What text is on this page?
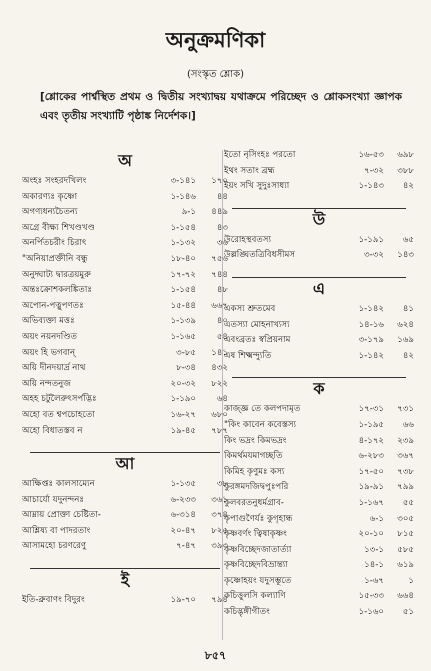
অনুক্রমণিকা
(সংস্কৃত শ্লোক)
[শ্লোকের পার্শ্বস্থিত প্রথম ও দ্বিতীয় সংখ্যাদ্বয় যথাক্রমে পরিচ্ছেদ ও শ্লোকসংখ্যা জ্ঞাপক এবং তৃতীয় সংখ্যাটি পৃষ্ঠাঙ্ক নির্দেশক।]
অ
অংহঃ সংহরদখিলং	৩-১৪১	১৭০
অকারণ্যঃ কৃষ্ণো	১-১৪৬	৪৪
অগণ্যধন্যচৈতন্য	৯-১	৪৪৯
অগ্রে বীক্ষ্য শিখণ্ডখণ্ড	১-১৫৪	৪৩
অনর্পিতচরীং চিরাৎ	১-১৩২	৩৬
"অনিয়াপ্রক্তীনি বন্ধু	১৮-৪০	৭৫৬
অনুদ্ঘাট্য দ্বারত্রয়মুরু	১৭-৭২	৭৪৪
অন্তঃক্রোশকলঙ্কিতাঃ	১-১৫৪	৪৮
অপোন-পত্নুপণতঃ	১৫-৪৪	৬৬৭
অভিব্যক্তা মত্তঃ	১-১৩৯	৪০
অয়ং নয়নদণ্ডিত	১-১৬৫	৫৪
অয়ং হি ভগবান্‌	৩-৮৫	১৪১
অয়ি দীনদয়ার্দ্র নাথ	৮-৩৪	৪৩২
অয়ি নন্দতনুজ	২০-৩২	৮২২
অহহ চটুলৈরুৎসর্পদ্ভিঃ	১-১৯০	৬৪
অহো বত শ্বপচোহতো	১৬-২৭	৬৮০
অহো বিধাতস্তব ন	১৯-৪৫	৭৮৭
আ
আক্ষিপ্তঃ কালসাম্যেন	১-১৩৫	৩৮
আচার্যো যদুনন্দনঃ	৬-২৩৩	৩৬১
আম্নায় প্রোক্তা চেষ্টিতা-	৬-৩১৪	৩৭৪
আশ্লিষ্য বা পাদরতাং	২০-৪৭	৮২৫
আসামহো চরণরেণু	৭-৪৭	৩৯৩
ই
ইতি-ব্রুবাণং বিদুরং	১৯-৭০	৭৯৪
ইতো নৃসিংহঃ পরতো	১৬-৫৩	৬৯৮
ইথং সতাং ব্রহ্ম	৭-৩২	৩৮৮
ইয়ং সখি সুদুঃসাধ্যা	১-১৪৩	৪২
উ
উরোহস্থবতস্য	১-১৯১	৬৫
উল্লঙ্ঘিতত্রিবিধসীমস	৩-৩২	১৪৩
এ
একস্য শ্রুতমেব	১-১৪২	৪১
এতস্যা মোহনাখ্যস্য	১৪-১৬	৬২৪
এবংব্রতঃ স্বপ্রিয়নাম	৩-১৭৯	১৬৯
এষ শিক্ষ্মন্দ্যুতি	১-১৪২	৪২
ক
কাজ্জ্ঞ তে কলপদামৃত	১৭-৩১	৭৩১
"কিং কাবেন কবেস্তস্য	১-১৯৫	৬৬
কিং ভদ্রং কিমভদ্রং	৪-১৭২	২৩৯
কিমর্থমযমাগচ্ছতি	৬-২৮৩	৩৬৭
কিমিহ কৃণুমঃ কস্য	১৭-৫০	৭৩৮
কুরঙ্গমদজিদ্বপুঃপরি	১৯-৯১	৭৯৯
কুলবরতনুধর্মগ্রাব-	১-১৬৭	৫৫
কৃপাগুণৈর্যঃ কুগৃহান্ধ	৬-১	৩০৫
কৃষ্ণবর্ণং ত্বিষাকৃষ্ণং	২০-১০	৮১৫
কৃষ্ণবিচ্ছেদজাতার্ত্যা	১৩-১	৫৮৫
কৃষ্ণবিচ্ছেদবিভ্রান্ত্যা	১৪-১	৬১৯
কৃষ্ণোহয়ং যদুসম্ভূতে	১-৬৭	১
কচিত্তুলসি কল্যাণি	১৫-৩৩	৬৬৪
কচিদ্ভৃঙ্গীগীতং	১-১৬০	৫১
৮৫৭
